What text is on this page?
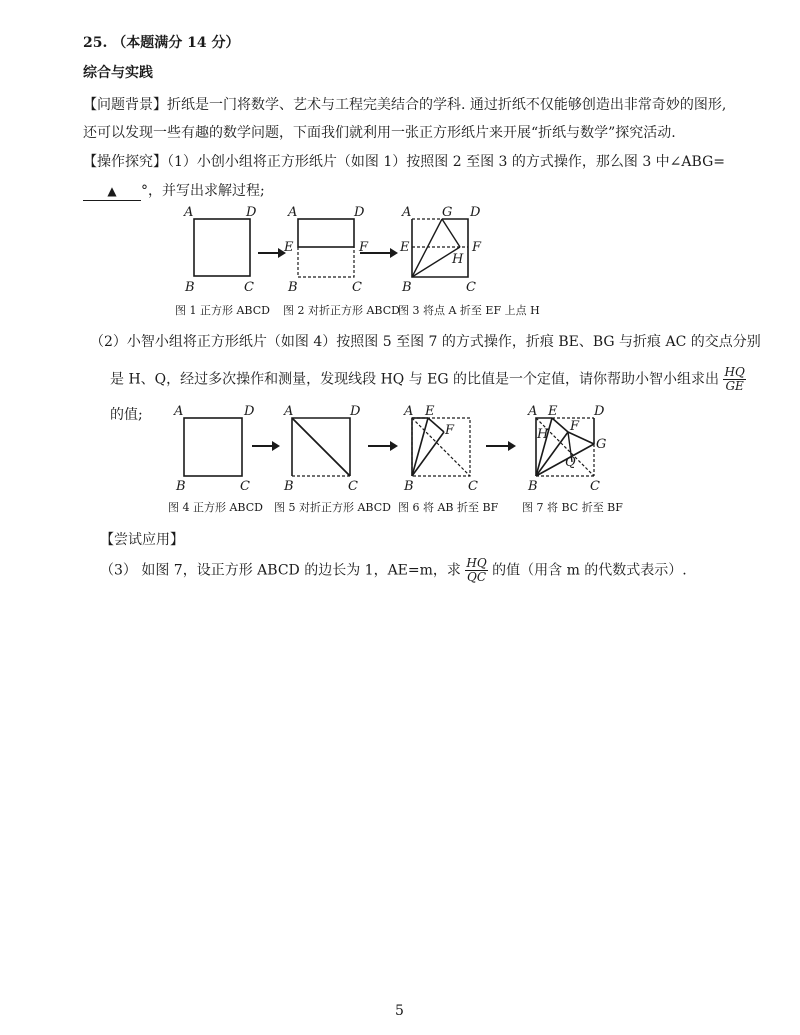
25. （本题满分 14 分）
综合与实践
【问题背景】折纸是一门将数学、艺术与工程完美结合的学科. 通过折纸不仅能够创造出非常奇妙的图形,
还可以发现一些有趣的数学问题，下面我们就利用一张正方形纸片来开展“折纸与数学”探究活动.
【操作探究】（1）小创小组将正方形纸片（如图 1）按照图 2 至图 3 的方式操作，那么图 3 中∠ABG=
▲ °，并写出求解过程;
A	D
B	C
A	D
E	F
B	C
A G D
E	F
H
B	C
图 1 正方形 ABCD 图 2 对折正方形 ABCD
图 3 将点 A 折至 EF 上点 H
（2）小智小组将正方形纸片（如图 4）按照图 5 至图 7 的方式操作，折痕 BE、BG 与折痕 AC 的交点分别
是 H、Q，经过多次操作和测量，发现线段 HQ 与 EG 的比值是一个定值，请你帮助小智小组求出 $\frac{HQ}{GE}$
的值; A	D
B	C
A	D
B	C
A E
F
B	C
A E	D
H
F
G
Q
B	C
图 4 正方形 ABCD 图 5 对折正方形 ABCD 图 6 将 AB 折至 BF 图 7 将 BC 折至 BF
【尝试应用】
（3） 如图 7，设正方形 ABCD 的边长为 1，AE=m，求 $\frac{HQ}{QC}$ 的值（用含 m 的代数式表示）.
5
